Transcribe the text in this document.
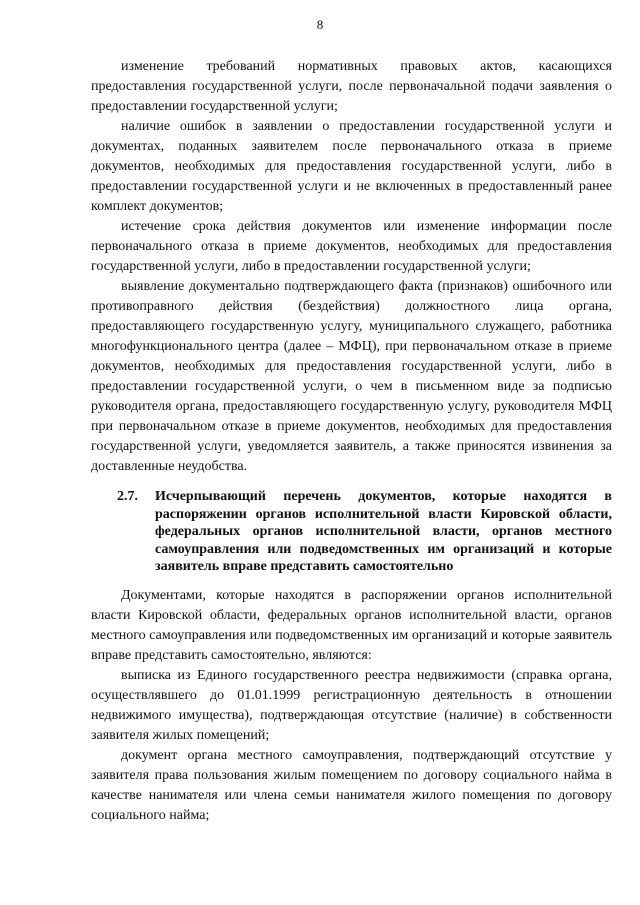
8

изменение требований нормативных правовых актов, касающихся предоставления государственной услуги, после первоначальной подачи заявления о предоставлении государственной услуги;

наличие ошибок в заявлении о предоставлении государственной услуги и документах, поданных заявителем после первоначального отказа в приеме документов, необходимых для предоставления государственной услуги, либо в предоставлении государственной услуги и не включенных в предоставленный ранее комплект документов;

истечение срока действия документов или изменение информации после первоначального отказа в приеме документов, необходимых для предоставления государственной услуги, либо в предоставлении государственной услуги;

выявление документально подтверждающего факта (признаков) ошибочного или противоправного действия (бездействия) должностного лица органа, предоставляющего государственную услугу, муниципального служащего, работника многофункционального центра (далее – МФЦ), при первоначальном отказе в приеме документов, необходимых для предоставления государственной услуги, либо в предоставлении государственной услуги, о чем в письменном виде за подписью руководителя органа, предоставляющего государственную услугу, руководителя МФЦ при первоначальном отказе в приеме документов, необходимых для предоставления государственной услуги, уведомляется заявитель, а также приносятся извинения за доставленные неудобства.

2.7. Исчерпывающий перечень документов, которые находятся в распоряжении органов исполнительной власти Кировской области, федеральных органов исполнительной власти, органов местного самоуправления или подведомственных им организаций и которые заявитель вправе представить самостоятельно

Документами, которые находятся в распоряжении органов исполнительной власти Кировской области, федеральных органов исполнительной власти, органов местного самоуправления или подведомственных им организаций и которые заявитель вправе представить самостоятельно, являются:

выписка из Единого государственного реестра недвижимости (справка органа, осуществлявшего до 01.01.1999 регистрационную деятельность в отношении недвижимого имущества), подтверждающая отсутствие (наличие) в собственности заявителя жилых помещений;

документ органа местного самоуправления, подтверждающий отсутствие у заявителя права пользования жилым помещением по договору социального найма в качестве нанимателя или члена семьи нанимателя жилого помещения по договору социального найма;
